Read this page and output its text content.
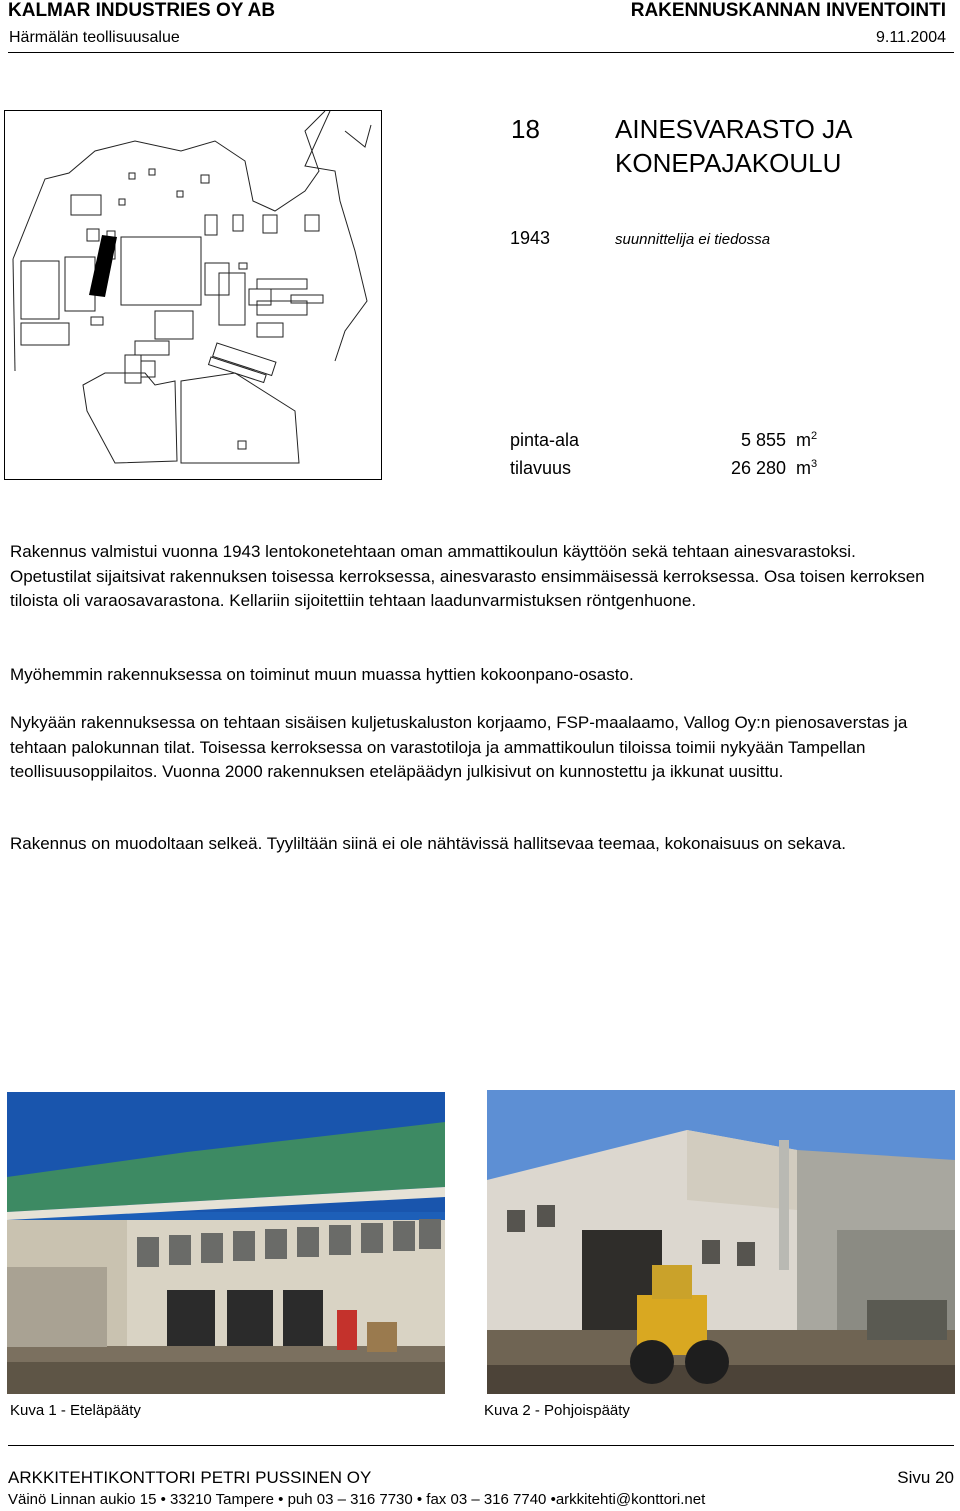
KALMAR INDUSTRIES OY AB
Härmälän teollisuusalue
RAKENNUSKANNAN INVENTOINTI
9.11.2004
18	AINESVARASTO JA
KONEPAJAKOULU
1943	suunnittelija ei tiedossa
pinta-ala	5 855 $m^2$
tilavuus	26 280 $m^3$
Rakennus valmistui vuonna 1943 lentokonetehtaan oman ammattikoulun käyttöön sekä tehtaan ainesvarastoksi. Opetustilat sijaitsivat rakennuksen toisessa kerroksessa, ainesvarasto ensimmäisessä kerroksessa. Osa toisen kerroksen tiloista oli varaosavarastona. Kellariin sijoitettiin tehtaan laadunvarmistuksen röntgenhuone.
Myöhemmin rakennuksessa on toiminut muun muassa hyttien kokoonpano-osasto.
Nykyään rakennuksessa on tehtaan sisäisen kuljetuskaluston korjaamo, FSP-maalaamo, Vallog Oy:n pienosaverstas ja tehtaan palokunnan tilat. Toisessa kerroksessa on varastotiloja ja ammattikoulun tiloissa toimii nykyään Tampellan teollisuusoppilaitos. Vuonna 2000 rakennuksen eteläpäädyn julkisivut on kunnostettu ja ikkunat uusittu.
Rakennus on muodoltaan selkeä. Tyyliltään siinä ei ole nähtävissä hallitsevaa teemaa, kokonaisuus on sekava.
Kuva 1 - Eteläpääty	Kuva 2 - Pohjoispääty
ARKKITEHTIKONTTORI PETRI PUSSINEN OY	Sivu 20
Väinö Linnan aukio 15 • 33210 Tampere • puh 03 – 316 7730 • fax 03 – 316 7740 •arkkitehti@konttori.net
